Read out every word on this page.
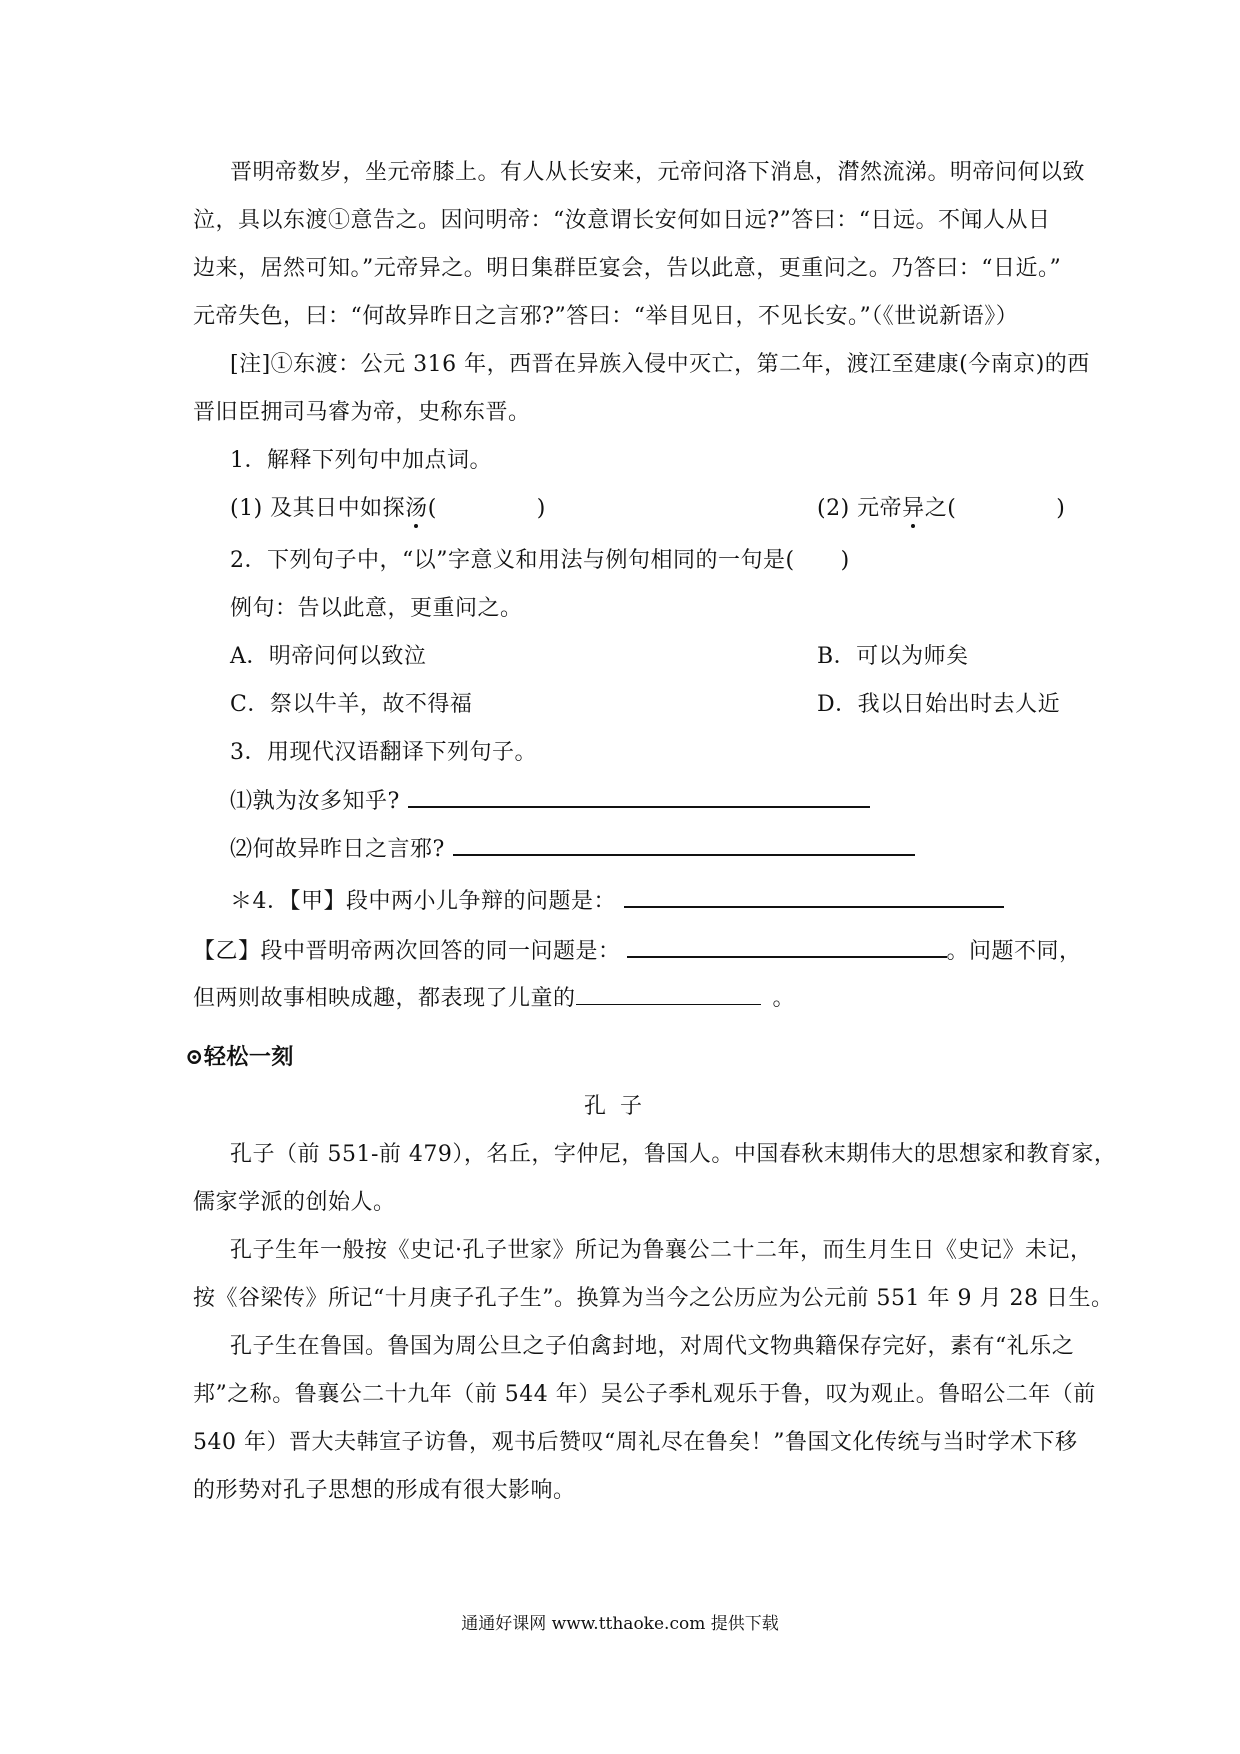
晋明帝数岁，坐元帝膝上。有人从长安来，元帝问洛下消息，潸然流涕。明帝问何以致
泣，具以东渡①意告之。因问明帝：“汝意谓长安何如日远?”答曰：“日远。不闻人从日
边来，居然可知。”元帝异之。明日集群臣宴会，告以此意，更重问之。乃答曰：“日近。”
元帝失色，曰：“何故异昨日之言邪?”答曰：“举目见日，不见长安。”（《世说新语》）
[注]①东渡：公元 316 年，西晋在异族入侵中灭亡，第二年，渡江至建康(今南京)的西
晋旧臣拥司马睿为帝，史称东晋。
1．解释下列句中加点词。
(1) 及其日中如探汤(	)	(2) 元帝异之(	)
2．下列句子中，“以”字意义和用法与例句相同的一句是( )
例句：告以此意，更重问之。
A．明帝问何以致泣	B．可以为师矣
C．祭以牛羊，故不得福	D．我以日始出时去人近
3．用现代汉语翻译下列句子。
⑴孰为汝多知乎?
⑵何故异昨日之言邪?
＊4．【甲】段中两小儿争辩的问题是：
【乙】段中晋明帝两次回答的同一问题是：	。问题不同，
但两则故事相映成趣，都表现了儿童的	。
⊙轻松一刻
孔子
孔子（前 551-前 479），名丘，字仲尼，鲁国人。中国春秋末期伟大的思想家和教育家，
儒家学派的创始人。
孔子生年一般按《史记·孔子世家》所记为鲁襄公二十二年，而生月生日《史记》未记，
按《谷梁传》所记“十月庚子孔子生”。换算为当今之公历应为公元前 551 年 9 月 28 日生。
孔子生在鲁国。鲁国为周公旦之子伯禽封地，对周代文物典籍保存完好，素有“礼乐之
邦”之称。鲁襄公二十九年（前 544 年）吴公子季札观乐于鲁，叹为观止。鲁昭公二年（前
540 年）晋大夫韩宣子访鲁，观书后赞叹“周礼尽在鲁矣！”鲁国文化传统与当时学术下移
的形势对孔子思想的形成有很大影响。
通通好课网 www.tthaoke.com 提供下载
